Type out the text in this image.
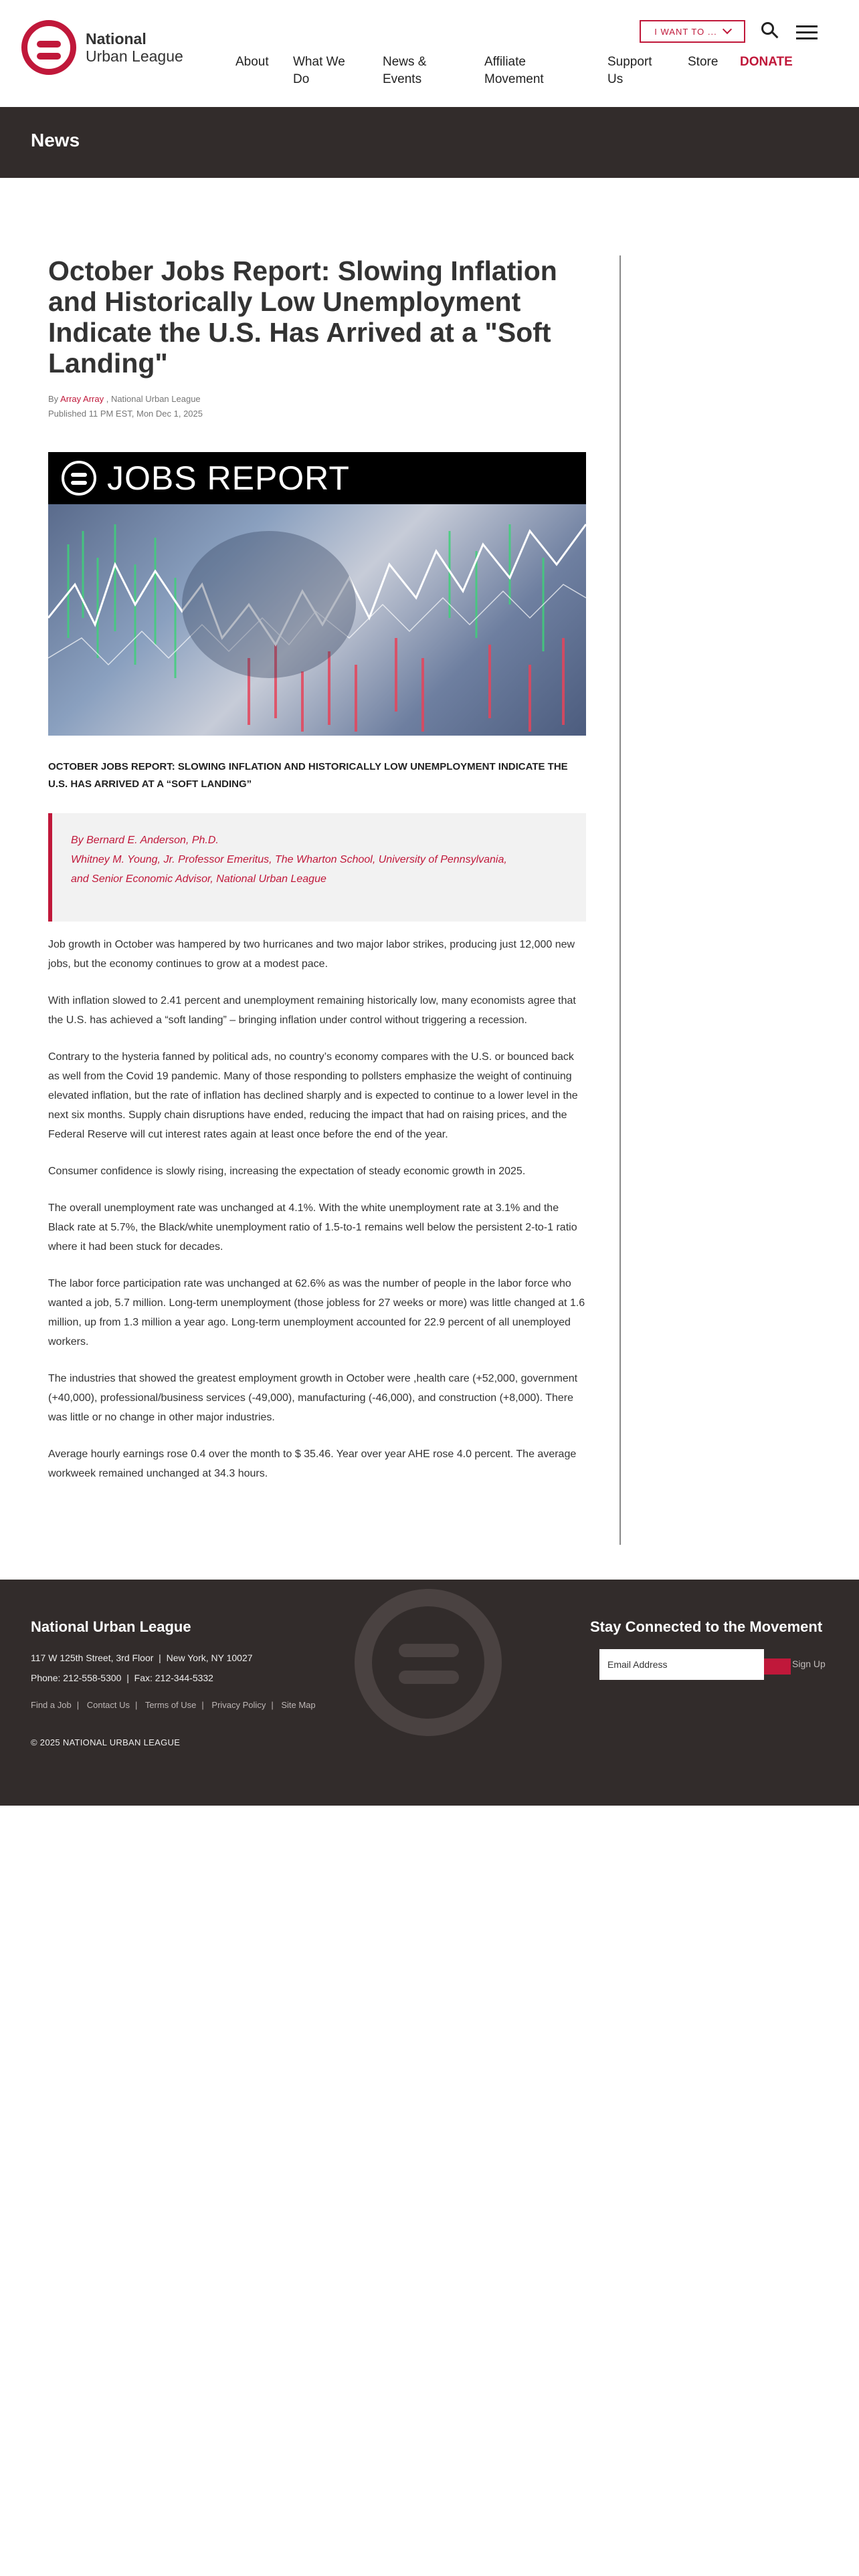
National
Urban League
I WANT TO ...
About	What We Do
News & Events
Affiliate Movement
Support Us
Store	DONATE
News
October Jobs Report: Slowing Inflation and Historically Low Unemployment Indicate the U.S. Has Arrived at a "Soft Landing"
By Array Array , National Urban League
Published 11 PM EST, Mon Dec 1, 2025
JOBS REPORT
OCTOBER JOBS REPORT: SLOWING INFLATION AND HISTORICALLY LOW UNEMPLOYMENT INDICATE THE U.S. HAS ARRIVED AT A “SOFT LANDING”

By Bernard E. Anderson, Ph.D.

Whitney M. Young, Jr. Professor Emeritus, The Wharton School, University of Pennsylvania,

and Senior Economic Advisor, National Urban League

Job growth in October was hampered by two hurricanes and two major labor strikes, producing just 12,000 new jobs, but the economy continues to grow at a modest pace.

With inflation slowed to 2.41 percent and unemployment remaining historically low, many economists agree that the U.S. has achieved a “soft landing” – bringing inflation under control without triggering a recession.

Contrary to the hysteria fanned by political ads, no country’s economy compares with the U.S. or bounced back as well from the Covid 19 pandemic. Many of those responding to pollsters emphasize the weight of continuing elevated inflation, but the rate of inflation has declined sharply and is expected to continue to a lower level in the next six months. Supply chain disruptions have ended, reducing the impact that had on raising prices, and the Federal Reserve will cut interest rates again at least once before the end of the year.

Consumer confidence is slowly rising, increasing the expectation of steady economic growth in 2025.

The overall unemployment rate was unchanged at 4.1%. With the white unemployment rate at 3.1% and the Black rate at 5.7%, the Black/white unemployment ratio of 1.5-to-1 remains well below the persistent 2-to-1 ratio where it had been stuck for decades.

The labor force participation rate was unchanged at 62.6% as was the number of people in the labor force who wanted a job, 5.7 million. Long-term unemployment (those jobless for 27 weeks or more) was little changed at 1.6 million, up from 1.3 million a year ago. Long-term unemployment accounted for 22.9 percent of all unemployed workers.

The industries that showed the greatest employment growth in October were ,health care (+52,000, government (+40,000), professional/business services (-49,000), manufacturing (-46,000), and construction (+8,000). There was little or no change in other major industries.

Average hourly earnings rose 0.4 over the month to $ 35.46. Year over year AHE rose 4.0 percent. The average workweek remained unchanged at 34.3 hours.

National Urban League
117 W 125th Street, 3rd Floor  |  New York, NY 10027
Phone: 212-558-5300  |  Fax: 212-344-5332
Find a Job | Contact Us | Terms of Use | Privacy Policy | Site Map
© 2025 NATIONAL URBAN LEAGUE
Stay Connected to the Movement
Email Address
Sign Up
